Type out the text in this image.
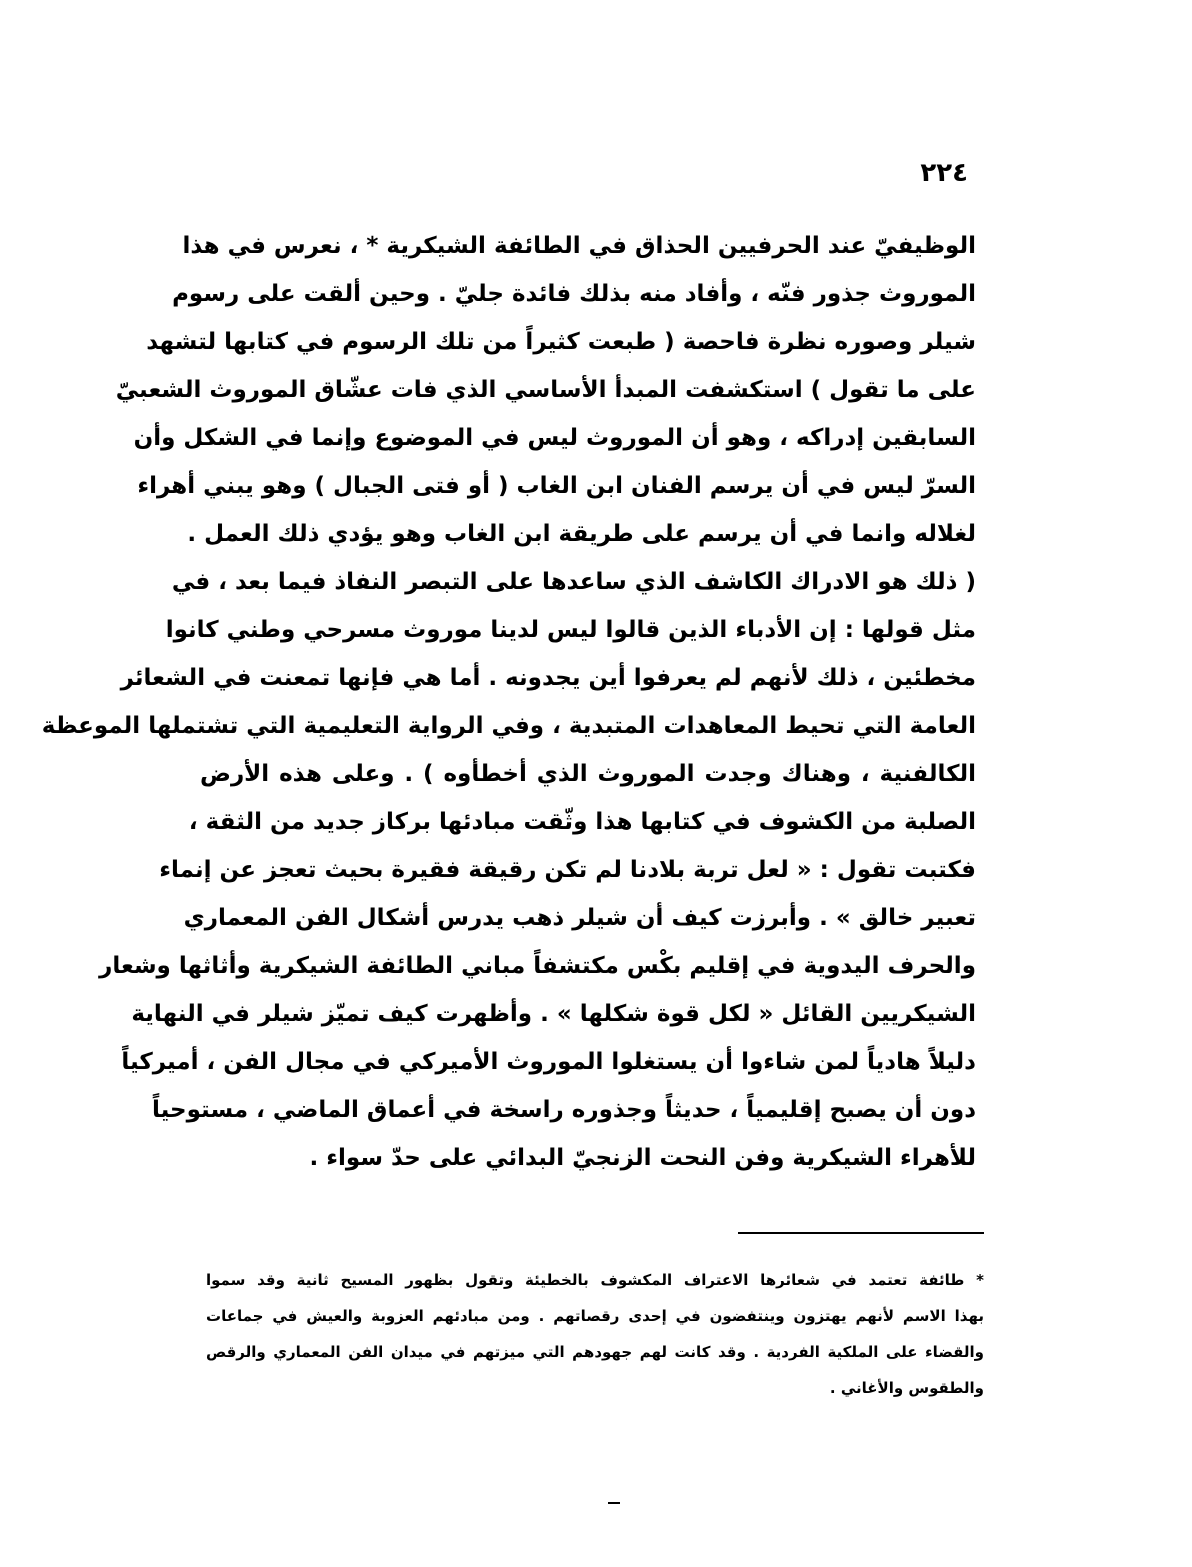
٢٢٤
الوظيفيّ عند الحرفيين الحذاق في الطائفة الشيكرية * ، نعرس في هذا
الموروث جذور فنّه ، وأفاد منه بذلك فائدة جليّ . وحين ألقت على رسوم
شيلر وصوره نظرة فاحصة ( طبعت كثيراً من تلك الرسوم في كتابها لتشهد
على ما تقول ) استكشفت المبدأ الأساسي الذي فات عشّاق الموروث الشعبيّ
السابقين إدراكه ، وهو أن الموروث ليس في الموضوع وإنما في الشكل وأن
السرّ ليس في أن يرسم الفنان ابن الغاب ( أو فتى الجبال ) وهو يبني أهراء
لغلاله وانما في أن يرسم على طريقة ابن الغاب وهو يؤدي ذلك العمل .
( ذلك هو الادراك الكاشف الذي ساعدها على التبصر النفاذ فيما بعد ، في
مثل قولها : إن الأدباء الذين قالوا ليس لدينا موروث مسرحي وطني كانوا
مخطئين ، ذلك لأنهم لم يعرفوا أين يجدونه . أما هي فإنها تمعنت في الشعائر
العامة التي تحيط المعاهدات المتبدية ، وفي الرواية التعليمية التي تشتملها الموعظة
الكالفنية ، وهناك وجدت الموروث الذي أخطأوه ) . وعلى هذه الأرض
الصلبة من الكشوف في كتابها هذا وثّقت مبادئها بركاز جديد من الثقة ،
فكتبت تقول : « لعل تربة بلادنا لم تكن رقيقة فقيرة بحيث تعجز عن إنماء
تعبير خالق » . وأبرزت كيف أن شيلر ذهب يدرس أشكال الفن المعماري
والحرف اليدوية في إقليم بكْس مكتشفاً مباني الطائفة الشيكرية وأثاثها وشعار
الشيكريين القائل « لكل قوة شكلها » . وأظهرت كيف تميّز شيلر في النهاية
دليلاً هادياً لمن شاءوا أن يستغلوا الموروث الأميركي في مجال الفن ، أميركياً
دون أن يصبح إقليمياً ، حديثاً وجذوره راسخة في أعماق الماضي ، مستوحياً
للأهراء الشيكرية وفن النحت الزنجيّ البدائي على حدّ سواء .
* طائفة تعتمد في شعائرها الاعتراف المكشوف بالخطيئة وتقول بظهور المسيح ثانية وقد سموا
بهذا الاسم لأنهم يهتزون وينتفضون في إحدى رقصاتهم . ومن مبادئهم العزوبة والعيش في جماعات
والقضاء على الملكية الفردية . وقد كانت لهم جهودهم التي ميزتهم في ميدان الفن المعماري والرقص
والطقوس والأغاني .
